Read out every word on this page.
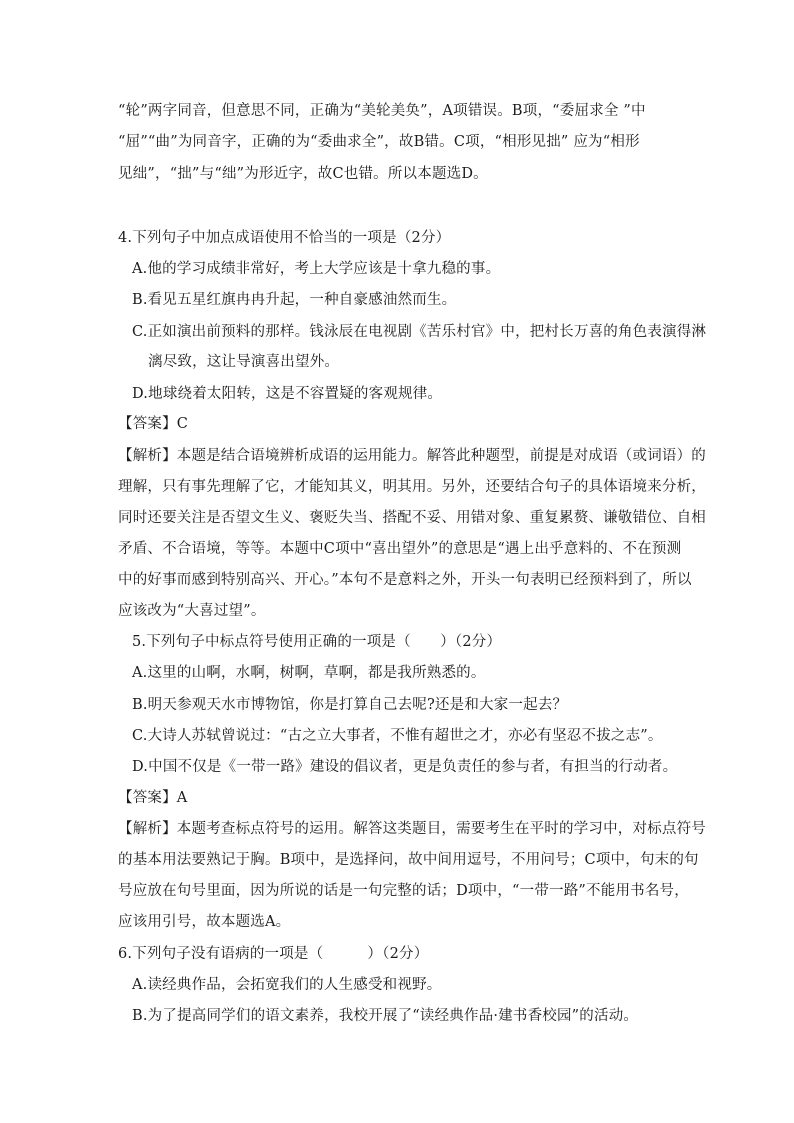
“轮”两字同音，但意思不同，正确为“美轮美奂”，A项错误。B项，“委屈求全 ”中
“屈”“曲”为同音字，正确的为“委曲求全”，故B错。C项，“相形见拙” 应为“相形
见绌”，“拙”与“绌”为形近字，故C也错。所以本题选D。
4.下列句子中加点成语使用不恰当的一项是（2分）
A.他的学习成绩非常好，考上大学应该是十拿九稳的事。
B.看见五星红旗冉冉升起，一种自豪感油然而生。
C.正如演出前预料的那样。钱泳辰在电视剧《苦乐村官》中，把村长万喜的角色表演得淋
漓尽致，这让导演喜出望外。
D.地球绕着太阳转，这是不容置疑的客观规律。
【答案】C
【解析】本题是结合语境辨析成语的运用能力。解答此种题型，前提是对成语（或词语）的
理解，只有事先理解了它，才能知其义，明其用。另外，还要结合句子的具体语境来分析，
同时还要关注是否望文生义、褒贬失当、搭配不妥、用错对象、重复累赘、谦敬错位、自相
矛盾、不合语境，等等。本题中C项中“喜出望外”的意思是“遇上出乎意料的、不在预测
中的好事而感到特别高兴、开心。”本句不是意料之外，开头一句表明已经预料到了，所以
应该改为“大喜过望”。
5.下列句子中标点符号使用正确的一项是（　　）（2分）
A.这里的山啊，水啊，树啊，草啊，都是我所熟悉的。
B.明天参观天水市博物馆，你是打算自己去呢?还是和大家一起去？
C.大诗人苏轼曾说过：“古之立大事者，不惟有超世之才，亦必有坚忍不拔之志”。
D.中国不仅是《一带一路》建设的倡议者，更是负责任的参与者，有担当的行动者。
【答案】A
【解析】本题考查标点符号的运用。解答这类题目，需要考生在平时的学习中，对标点符号
的基本用法要熟记于胸。B项中，是选择问，故中间用逗号，不用问号；C项中，句末的句
号应放在句号里面，因为所说的话是一句完整的话；D项中，“一带一路”不能用书名号，
应该用引号，故本题选A。
6.下列句子没有语病的一项是（　　　）（2分）
A.读经典作品，会拓宽我们的人生感受和视野。
B.为了提高同学们的语文素养，我校开展了“读经典作品·建书香校园”的活动。
